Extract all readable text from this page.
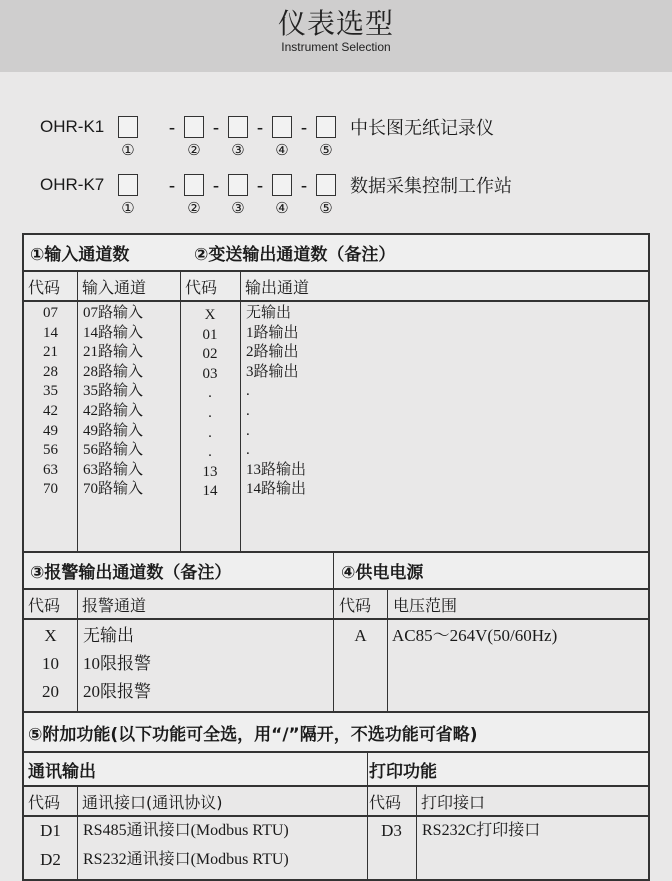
仪表选型
Instrument Selection
OHR-K1	-	-	-	-	中长图无纸记录仪
①	② ③ ④ ⑤
OHR-K7	-	-	-	-	数据采集控制工作站
①	② ③ ④ ⑤
①输入通道数	②变送输出通道数（备注）
代码 输入通道 代码 输出通道
07	07路输入	X	无输出
14	14路输入	01	1路输出
21	21路输入	02	2路输出
28	28路输入	03	3路输出
35	35路输入	.	.
42	42路输入	.	.
49	49路输入	.	.
56	56路输入	.	.
63	63路输入	13	13路输出
70	70路输入	14	14路输出
③报警输出通道数（备注）	④供电电源
代码 报警通道	代码 电压范围
X	无输出
10	10限报警
20	20限报警
A	AC85～264V(50/60Hz)
⑤附加功能(以下功能可全选，用“/”隔开，不选功能可省略)
通讯输出	打印功能
代码 通讯接口(通讯协议)	代码 打印接口
D1	RS485通讯接口(Modbus RTU)
D2	RS232通讯接口(Modbus RTU)
D3	RS232C打印接口
